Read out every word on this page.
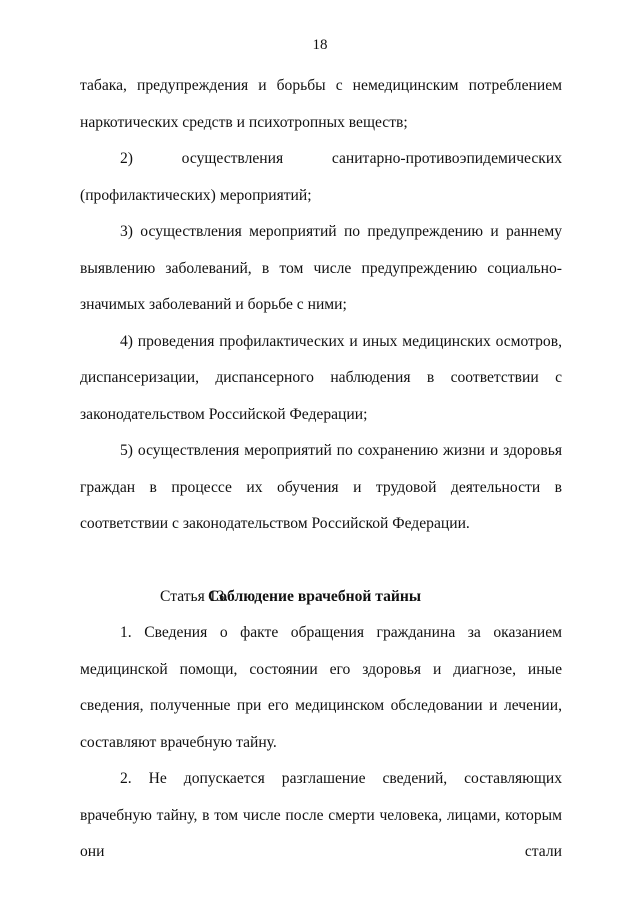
18

табака, предупреждения и борьбы с немедицинским потреблением наркотических средств и психотропных веществ;

2) осуществления санитарно-противоэпидемических (профилактических) мероприятий;

3) осуществления мероприятий по предупреждению и раннему выявлению заболеваний, в том числе предупреждению социально-значимых заболеваний и борьбе с ними;

4) проведения профилактических и иных медицинских осмотров, диспансеризации, диспансерного наблюдения в соответствии с законодательством Российской Федерации;

5) осуществления мероприятий по сохранению жизни и здоровья граждан в процессе их обучения и трудовой деятельности в соответствии с законодательством Российской Федерации.

Статья 13.Соблюдение врачебной тайны

1. Сведения о факте обращения гражданина за оказанием медицинской помощи, состоянии его здоровья и диагнозе, иные сведения, полученные при его медицинском обследовании и лечении, составляют врачебную тайну.

2. Не допускается разглашение сведений, составляющих врачебную тайну, в том числе после смерти человека, лицами, которым они стали
